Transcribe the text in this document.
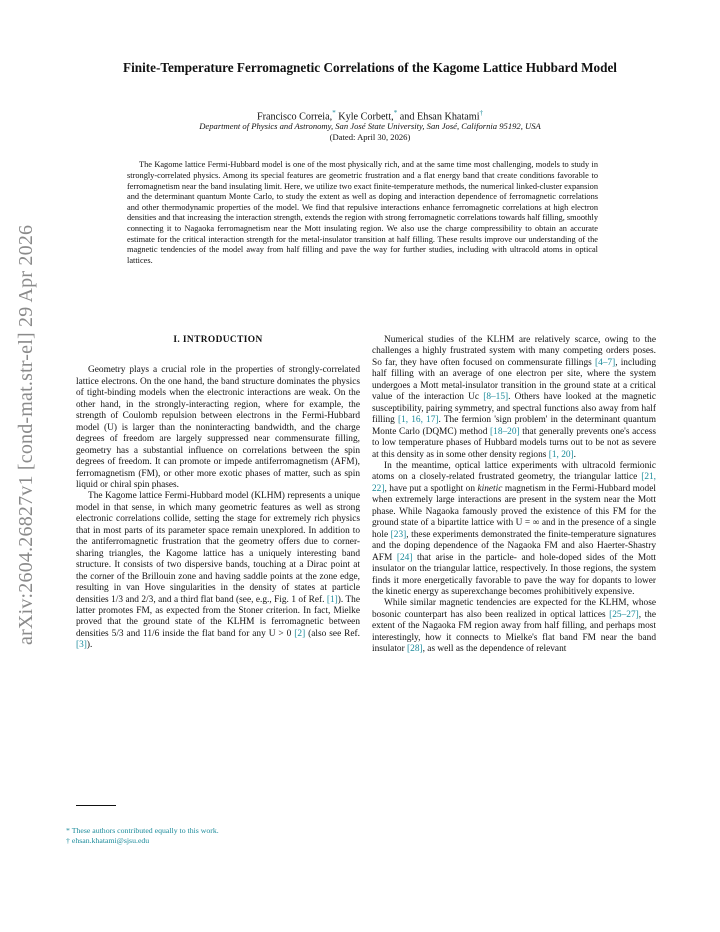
arXiv:2604.26827v1 [cond-mat.str-el] 29 Apr 2026
Finite-Temperature Ferromagnetic Correlations of the Kagome Lattice Hubbard Model
Francisco Correia,* Kyle Corbett,* and Ehsan Khatami†
Department of Physics and Astronomy, San José State University, San José, California 95192, USA
(Dated: April 30, 2026)

The Kagome lattice Fermi-Hubbard model is one of the most physically rich, and at the same time most challenging, models to study in strongly-correlated physics. Among its special features are geometric frustration and a flat energy band that create conditions favorable to ferromagnetism near the band insulating limit. Here, we utilize two exact finite-temperature methods, the numerical linked-cluster expansion and the determinant quantum Monte Carlo, to study the extent as well as doping and interaction dependence of ferromagnetic correlations and other thermodynamic properties of the model. We find that repulsive interactions enhance ferromagnetic correlations at high electron densities and that increasing the interaction strength, extends the region with strong ferromagnetic correlations towards half filling, smoothly connecting it to Nagaoka ferromagnetism near the Mott insulating region. We also use the charge compressibility to obtain an accurate estimate for the critical interaction strength for the metal-insulator transition at half filling. These results improve our understanding of the magnetic tendencies of the model away from half filling and pave the way for further studies, including with ultracold atoms in optical lattices.

I. INTRODUCTION

Geometry plays a crucial role in the properties of strongly-correlated lattice electrons. On the one hand, the band structure dominates the physics of tight-binding models when the electronic interactions are weak. On the other hand, in the strongly-interacting region, where for example, the strength of Coulomb repulsion between electrons in the Fermi-Hubbard model (U) is larger than the noninteracting bandwidth, and the charge degrees of freedom are largely suppressed near commensurate filling, geometry has a substantial influence on correlations between the spin degrees of freedom. It can promote or impede antiferromagnetism (AFM), ferromagnetism (FM), or other more exotic phases of matter, such as spin liquid or chiral spin phases.

The Kagome lattice Fermi-Hubbard model (KLHM) represents a unique model in that sense, in which many geometric features as well as strong electronic correlations collide, setting the stage for extremely rich physics that in most parts of its parameter space remain unexplored. In addition to the antiferromagnetic frustration that the geometry offers due to corner-sharing triangles, the Kagome lattice has a uniquely interesting band structure. It consists of two dispersive bands, touching at a Dirac point at the corner of the Brillouin zone and having saddle points at the zone edge, resulting in van Hove singularities in the density of states at particle densities 1/3 and 2/3, and a third flat band (see, e.g., Fig. 1 of Ref. [1]). The latter promotes FM, as expected from the Stoner criterion. In fact, Mielke proved that the ground state of the KLHM is ferromagnetic between densities 5/3 and 11/6 inside the flat band for any U > 0 [2] (also see Ref. [3]).

Numerical studies of the KLHM are relatively scarce, owing to the challenges a highly frustrated system with many competing orders poses. So far, they have often focused on commensurate fillings [4–7], including half filling with an average of one electron per site, where the system undergoes a Mott metal-insulator transition in the ground state at a critical value of the interaction Uc [8–15]. Others have looked at the magnetic susceptibility, pairing symmetry, and spectral functions also away from half filling [1, 16, 17]. The fermion 'sign problem' in the determinant quantum Monte Carlo (DQMC) method [18–20] that generally prevents one's access to low temperature phases of Hubbard models turns out to be not as severe at this density as in some other density regions [1, 20].

In the meantime, optical lattice experiments with ultracold fermionic atoms on a closely-related frustrated geometry, the triangular lattice [21, 22], have put a spotlight on kinetic magnetism in the Fermi-Hubbard model when extremely large interactions are present in the system near the Mott phase. While Nagaoka famously proved the existence of this FM for the ground state of a bipartite lattice with U = ∞ and in the presence of a single hole [23], these experiments demonstrated the finite-temperature signatures and the doping dependence of the Nagaoka FM and also Haerter-Shastry AFM [24] that arise in the particle- and hole-doped sides of the Mott insulator on the triangular lattice, respectively. In those regions, the system finds it more energetically favorable to pave the way for dopants to lower the kinetic energy as superexchange becomes prohibitively expensive.

While similar magnetic tendencies are expected for the KLHM, whose bosonic counterpart has also been realized in optical lattices [25–27], the extent of the Nagaoka FM region away from half filling, and perhaps most interestingly, how it connects to Mielke's flat band FM near the band insulator [28], as well as the dependence of relevant

* These authors contributed equally to this work.
† ehsan.khatami@sjsu.edu
